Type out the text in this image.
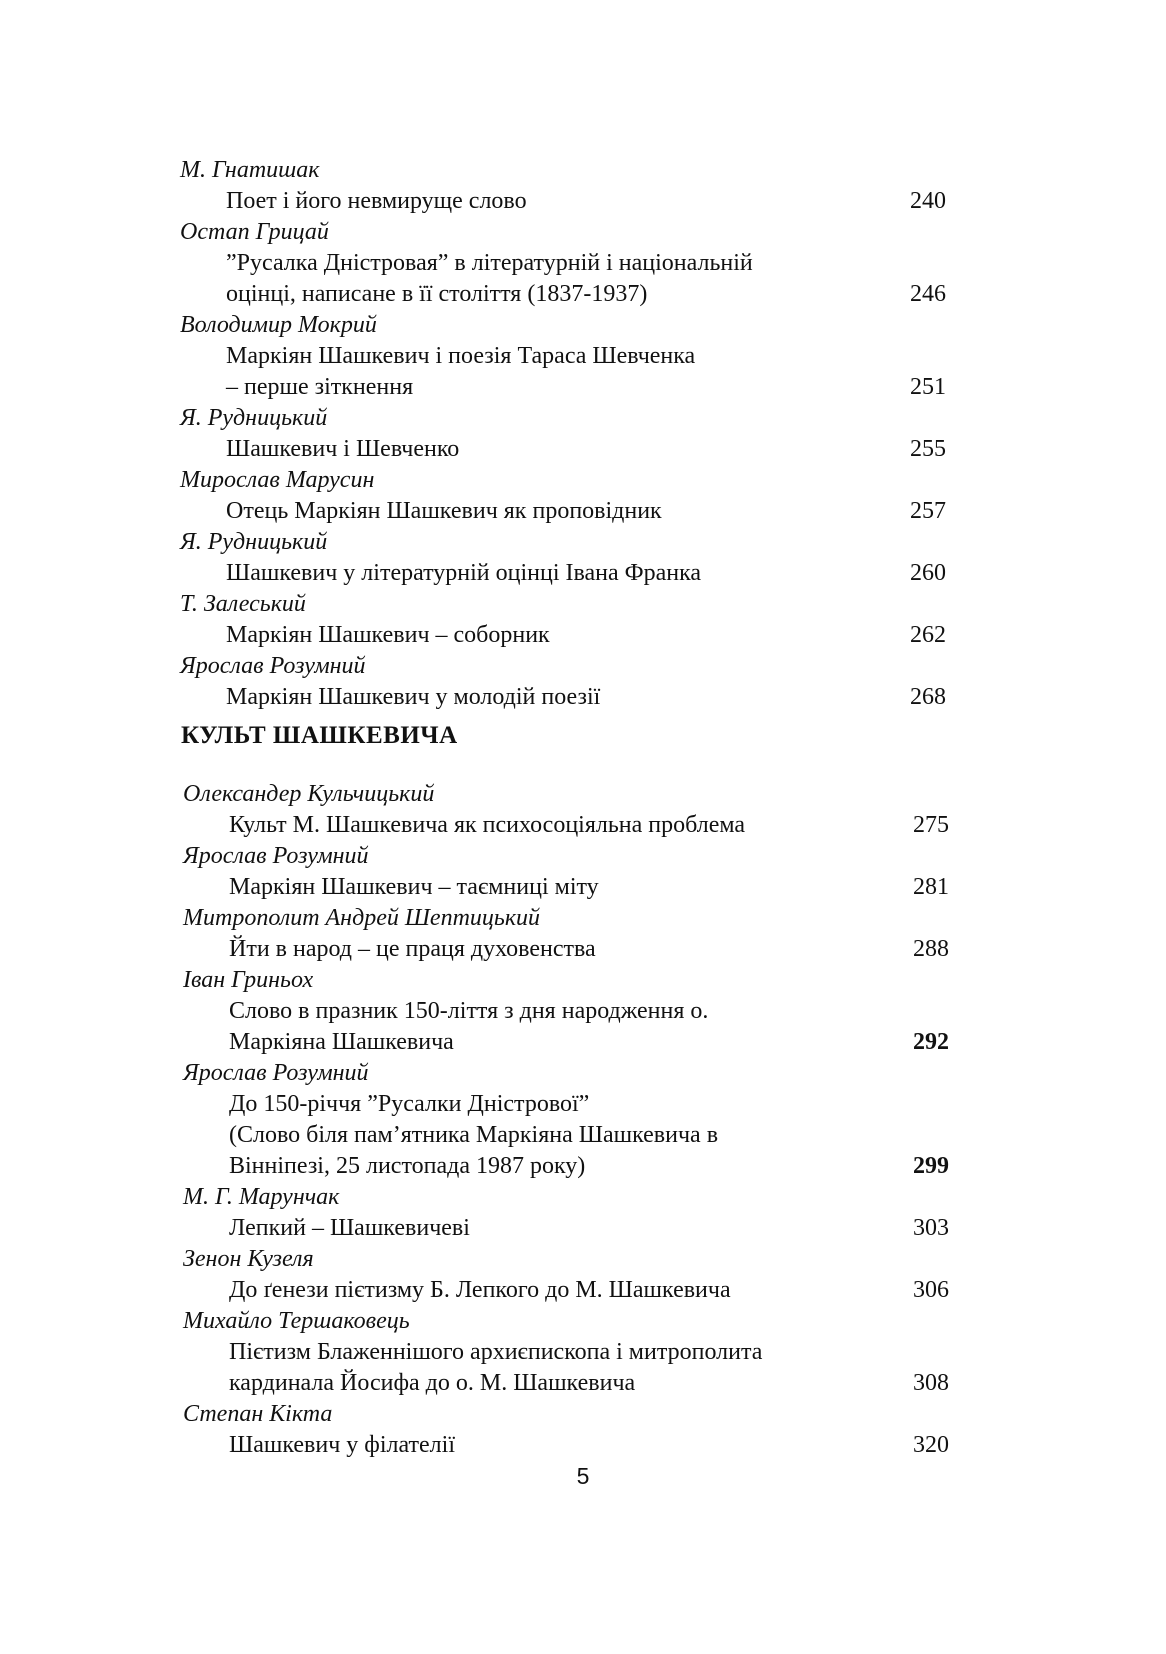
М. Гнатишак
Поет і його невмируще слово	240
Остап Грицай
”Русалка Дністровая” в літературній і національній
оцінці, написане в її століття (1837-1937)	246
Володимир Мокрий
Маркіян Шашкевич і поезія Тараса Шевченка
– перше зіткнення	251
Я. Рудницький
Шашкевич і Шевченко	255
Мирослав Марусин
Отець Маркіян Шашкевич як проповідник	257
Я. Рудницький
Шашкевич у літературній оцінці Івана Франка	260
Т. Залеський
Маркіян Шашкевич – соборник	262
Ярослав Розумний
Маркіян Шашкевич у молодій поезії	268
КУЛЬТ ШАШКЕВИЧА
Олександер Кульчицький
Культ М. Шашкевича як психосоціяльна проблема	275
Ярослав Розумний
Маркіян Шашкевич – таємниці міту	281
Митрополит Андрей Шептицький
Йти в народ – це праця духовенства	288
Іван Гриньох
Слово в празник 150-ліття з дня народження о.
Маркіяна Шашкевича	292
Ярослав Розумний
До 150-річчя ”Русалки Дністрової”
(Слово біля пам’ятника Маркіяна Шашкевича в
Вінніпезі, 25 листопада 1987 року)	299
М. Г. Марунчак
Лепкий – Шашкевичеві	303
Зенон Кузеля
До ґенези пієтизму Б. Лепкого до М. Шашкевича	306
Михайло Тершаковець
Пієтизм Блаженнішого архиєпископа і митрополита
кардинала Йосифа до о. М. Шашкевича	308
Степан Кікта
Шашкевич у філателії	320
5
